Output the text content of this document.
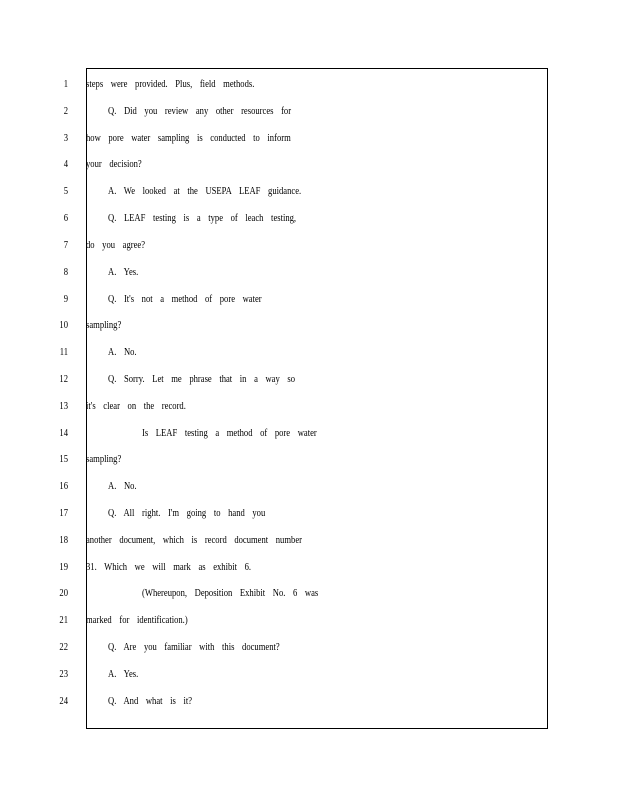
1 steps were provided. Plus, field methods.
2	Q. Did you review any other resources for
3 how pore water sampling is conducted to inform
4 your decision?
5	A. We looked at the USEPA LEAF guidance.
6	Q. LEAF testing is a type of leach testing,
7 do you agree?
8	A. Yes.
9	Q. It's not a method of pore water
10 sampling?
11	A. No.
12	Q. Sorry. Let me phrase that in a way so
13 it's clear on the record.
14	Is LEAF testing a method of pore water
15 sampling?
16	A. No.
17	Q. All right. I'm going to hand you
18 another document, which is record document number
19 31. Which we will mark as exhibit 6.
20	(Whereupon, Deposition Exhibit No. 6 was
21 marked for identification.)
22	Q. Are you familiar with this document?
23	A. Yes.
24	Q. And what is it?
